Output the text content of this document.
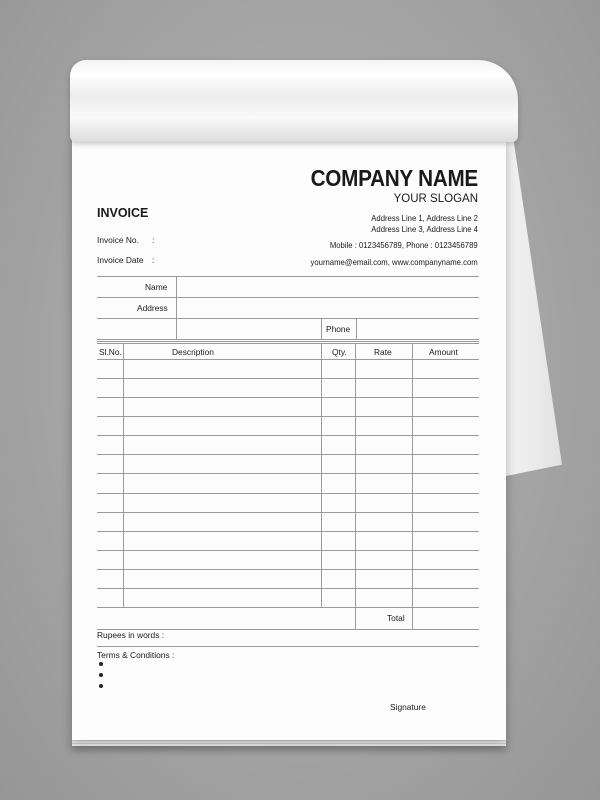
COMPANY NAME
YOUR SLOGAN
Address Line 1, Address Line 2
Address Line 3, Address Line 4
Mobile : 0123456789, Phone : 0123456789
yourname@email.com, www.companyname.com
INVOICE
Invoice No. :
Invoice Date :
Name
Address
Phone
Sl.No.	Description	Qty.	Rate	Amount
Total
Rupees in words :
Terms & Conditions :
Signature
